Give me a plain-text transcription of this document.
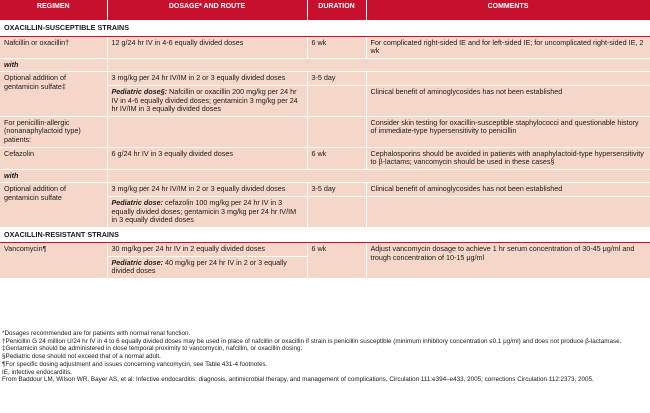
REGIMEN	DOSAGE* AND ROUTE	DURATION	COMMENTS
OXACILLIN-SUSCEPTIBLE STRAINS			
Nafcillin or oxacillin†	12 g/24 hr IV in 4-6 equally divided doses	6 wk	For complicated right-sided IE and for left-sided IE; for uncomplicated right-sided IE, 2 wk
with			
Optional addition of gentamicin sulfate‡	3 mg/kg per 24 hr IV/IM in 2 or 3 equally divided doses	3-5 day	
	Pediatric dose§: Nafcillin or oxacillin 200 mg/kg per 24 hr IV in 4-6 equally divided doses; gentamicin 3 mg/kg per 24 hr IV/IM in 3 equally divided doses		Clinical benefit of aminoglycosides has not been established
For penicillin-allergic (nonanaphylactoid type) patients:			Consider skin testing for oxacillin-susceptible staphylococci and questionable history of immediate-type hypersensitivity to penicillin
Cefazolin	6 g/24 hr IV in 3 equally divided doses	6 wk	Cephalosporins should be avoided in patients with anaphylactoid-type hypersensitivity to β-lactams; vancomycin should be used in these cases§
with			
Optional addition of gentamicin sulfate	3 mg/kg per 24 hr IV/IM in 2 or 3 equally divided doses	3-5 day	Clinical benefit of aminoglycosides has not been established
	Pediatric dose: cefazolin 100 mg/kg per 24 hr IV in 3 equally divided doses; gentamicin 3 mg/kg per 24 hr IV/IM in 3 equally divided doses		
OXACILLIN-RESISTANT STRAINS			
Vancomycin¶	30 mg/kg per 24 hr IV in 2 equally divided doses	6 wk	Adjust vancomycin dosage to achieve 1 hr serum concentration of 30-45 μg/ml and trough concentration of 10-15 μg/ml
	Pediatric dose: 40 mg/kg per 24 hr IV in 2 or 3 equally divided doses		
*Dosages recommended are for patients with normal renal function.
†Penicillin G 24 million U/24 hr IV in 4 to 6 equally divided doses may be used in place of nafcillin or oxacillin if strain is penicillin susceptible (minimum inhibitory concentration ≤0.1 μg/ml) and does not produce β-lactamase.
‡Gentamicin should be administered in close temporal proximity to vancomycin, nafcillin, or oxacillin dosing.
§Pediatric dose should not exceed that of a normal adult.
¶For specific dosing adjustment and issues concerning vancomycin, see Table 431-4 footnotes.
IE, infective endocarditis.
From Baddour LM, Wilson WR, Bayer AS, et al: Infective endocarditis: diagnosis, antimicrobial therapy, and management of complications, Circulation 111:e394–e433, 2005; corrections Circulation 112:2373, 2005.
